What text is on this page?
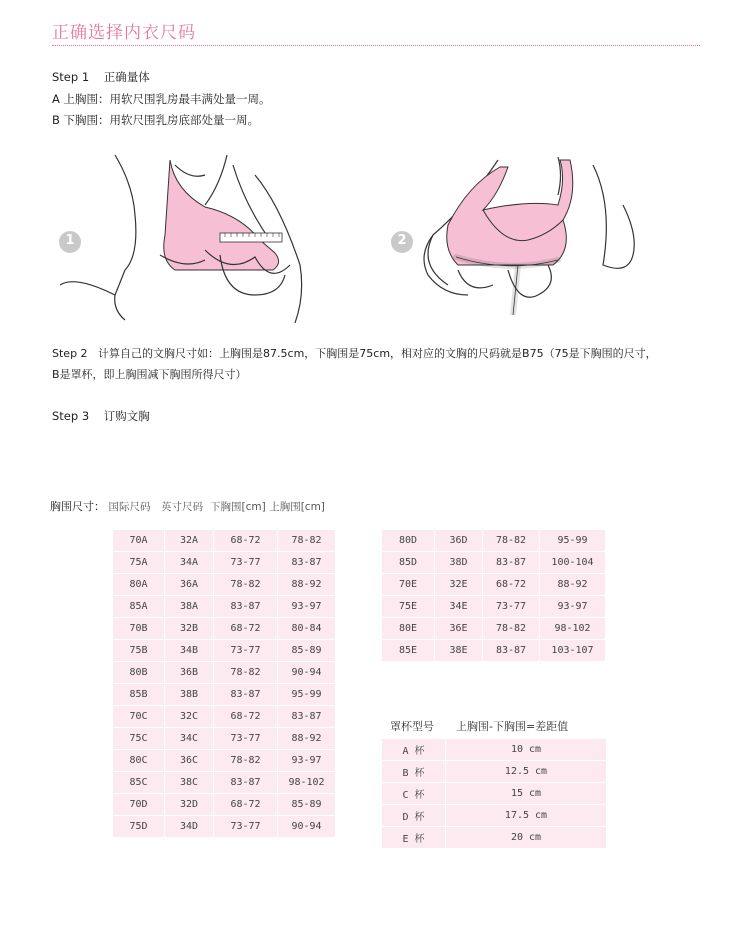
正确选择内衣尺码
Step 1 正确量体
A 上胸围：用软尺围乳房最丰满处量一周。
B 下胸围：用软尺围乳房底部处量一周。
1	2
Step 2 计算自己的文胸尺寸如：上胸围是87.5cm，下胸围是75cm，相对应的文胸的尺码就是B75（75是下胸围的尺寸，
B是罩杯，即上胸围减下胸围所得尺寸）
Step 3 订购文胸
胸围尺寸： 国际尺码 英寸尺码 下胸围[cm] 上胸围[cm]
70A	32A	68-72	78-82
75A	34A	73-77	83-87
80A	36A	78-82	88-92
85A	38A	83-87	93-97
70B	32B	68-72	80-84
75B	34B	73-77	85-89
80B	36B	78-82	90-94
85B	38B	83-87	95-99
70C	32C	68-72	83-87
75C	34C	73-77	88-92
80C	36C	78-82	93-97
85C	38C	83-87	98-102
70D	32D	68-72	85-89
75D	34D	73-77	90-94
80D	36D	78-82	95-99
85D	38D	83-87	100-104
70E	32E	68-72	88-92
75E	34E	73-77	93-97
80E	36E	78-82	98-102
85E	38E	83-87	103-107
罩杯型号 上胸围-下胸围=差距值
A 杯	10 cm
B 杯	12.5 cm
C 杯	15 cm
D 杯	17.5 cm
E 杯	20 cm
